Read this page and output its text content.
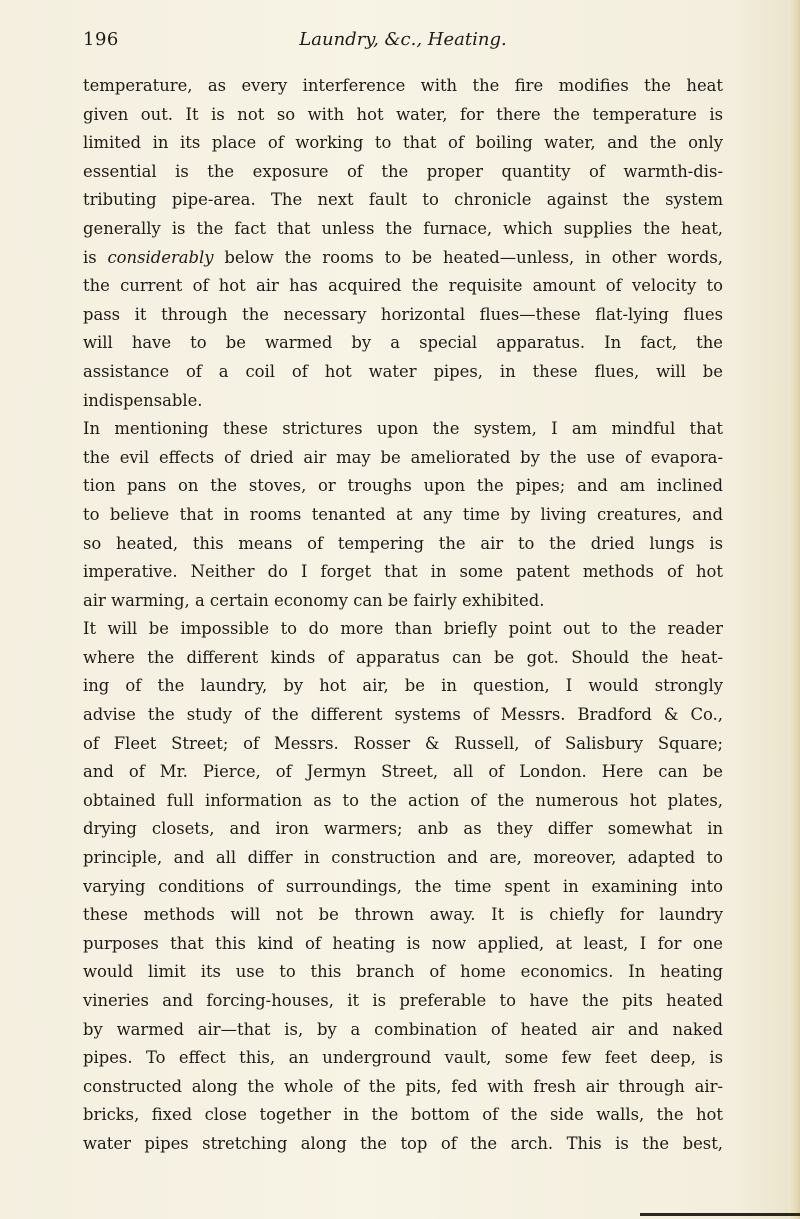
196	Laundry, &c., Heating.
temperature, as every interference with the fire modifies the heat
given out. It is not so with hot water, for there the temperature is
limited in its place of working to that of boiling water, and the only
essential is the exposure of the proper quantity of warmth-dis-
tributing pipe-area. The next fault to chronicle against the system
generally is the fact that unless the furnace, which supplies the heat,
is considerably below the rooms to be heated—unless, in other words,
the current of hot air has acquired the requisite amount of velocity to
pass it through the necessary horizontal flues—these flat-lying flues
will have to be warmed by a special apparatus. In fact, the
assistance of a coil of hot water pipes, in these flues, will be
indispensable.
In mentioning these strictures upon the system, I am mindful that
the evil effects of dried air may be ameliorated by the use of evapora-
tion pans on the stoves, or troughs upon the pipes; and am inclined
to believe that in rooms tenanted at any time by living creatures, and
so heated, this means of tempering the air to the dried lungs is
imperative. Neither do I forget that in some patent methods of hot
air warming, a certain economy can be fairly exhibited.
It will be impossible to do more than briefly point out to the reader
where the different kinds of apparatus can be got. Should the heat-
ing of the laundry, by hot air, be in question, I would strongly
advise the study of the different systems of Messrs. Bradford & Co.,
of Fleet Street; of Messrs. Rosser & Russell, of Salisbury Square;
and of Mr. Pierce, of Jermyn Street, all of London. Here can be
obtained full information as to the action of the numerous hot plates,
drying closets, and iron warmers; anb as they differ somewhat in
principle, and all differ in construction and are, moreover, adapted to
varying conditions of surroundings, the time spent in examining into
these methods will not be thrown away. It is chiefly for laundry
purposes that this kind of heating is now applied, at least, I for one
would limit its use to this branch of home economics. In heating
vineries and forcing-houses, it is preferable to have the pits heated
by warmed air—that is, by a combination of heated air and naked
pipes. To effect this, an underground vault, some few feet deep, is
constructed along the whole of the pits, fed with fresh air through air-
bricks, fixed close together in the bottom of the side walls, the hot
water pipes stretching along the top of the arch. This is the best,
